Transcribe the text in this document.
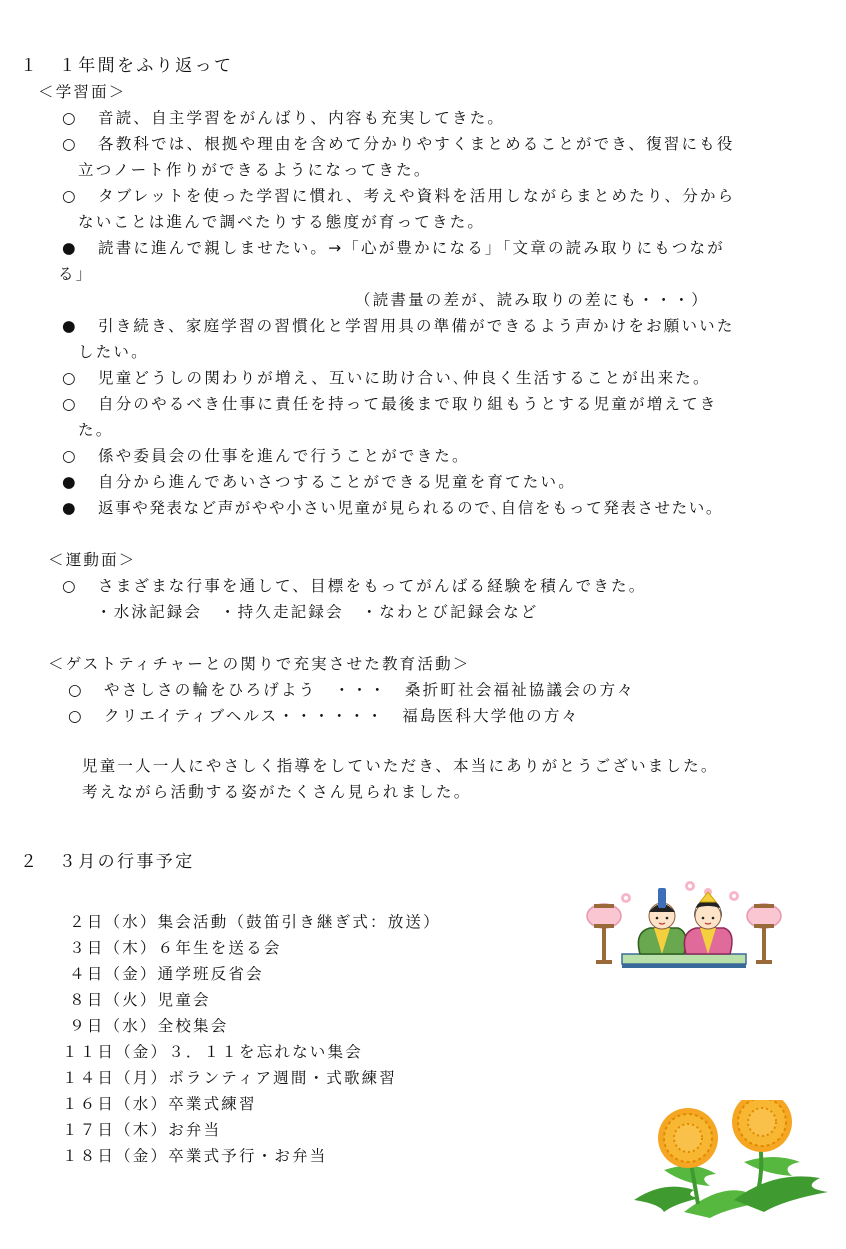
１　１年間をふり返って
＜学習面＞
○ 音読、自主学習をがんばり、内容も充実してきた。
○ 各教科では、根拠や理由を含めて分かりやすくまとめることができ、復習にも役
立つノート作りができるようになってきた。
○ タブレットを使った学習に慣れ、考えや資料を活用しながらまとめたり、分から
ないことは進んで調べたりする態度が育ってきた。
● 読書に進んで親しませたい。→「心が豊かになる」「文章の読み取りにもつなが
る」
（読書量の差が、読み取りの差にも・・・）
● 引き続き、家庭学習の習慣化と学習用具の準備ができるよう声かけをお願いいた
したい。
○ 児童どうしの関わりが増え、互いに助け合い､仲良く生活することが出来た。
○ 自分のやるべき仕事に責任を持って最後まで取り組もうとする児童が増えてき
た。
○ 係や委員会の仕事を進んで行うことができた。
● 自分から進んであいさつすることができる児童を育てたい。
● 返事や発表など声がやや小さい児童が見られるので､自信をもって発表させたい。
＜運動面＞
○ さまざまな行事を通して、目標をもってがんばる経験を積んできた。
・水泳記録会　・持久走記録会　・なわとび記録会など
＜ゲストティチャーとの関りで充実させた教育活動＞
○ やさしさの輪をひろげよう　・・・　桑折町社会福祉協議会の方々
○ クリエイティブヘルス・・・・・・　福島医科大学他の方々
児童一人一人にやさしく指導をしていただき、本当にありがとうございました。
考えながら活動する姿がたくさん見られました。
２　３月の行事予定
２日（水）集会活動（鼓笛引き継ぎ式：放送）
３日（木）６年生を送る会
４日（金）通学班反省会
８日（火）児童会
９日（水）全校集会
１１日（金）３．１１を忘れない集会
１４日（月）ボランティア週間・式歌練習
１６日（水）卒業式練習
１７日（木）お弁当
１８日（金）卒業式予行・お弁当
